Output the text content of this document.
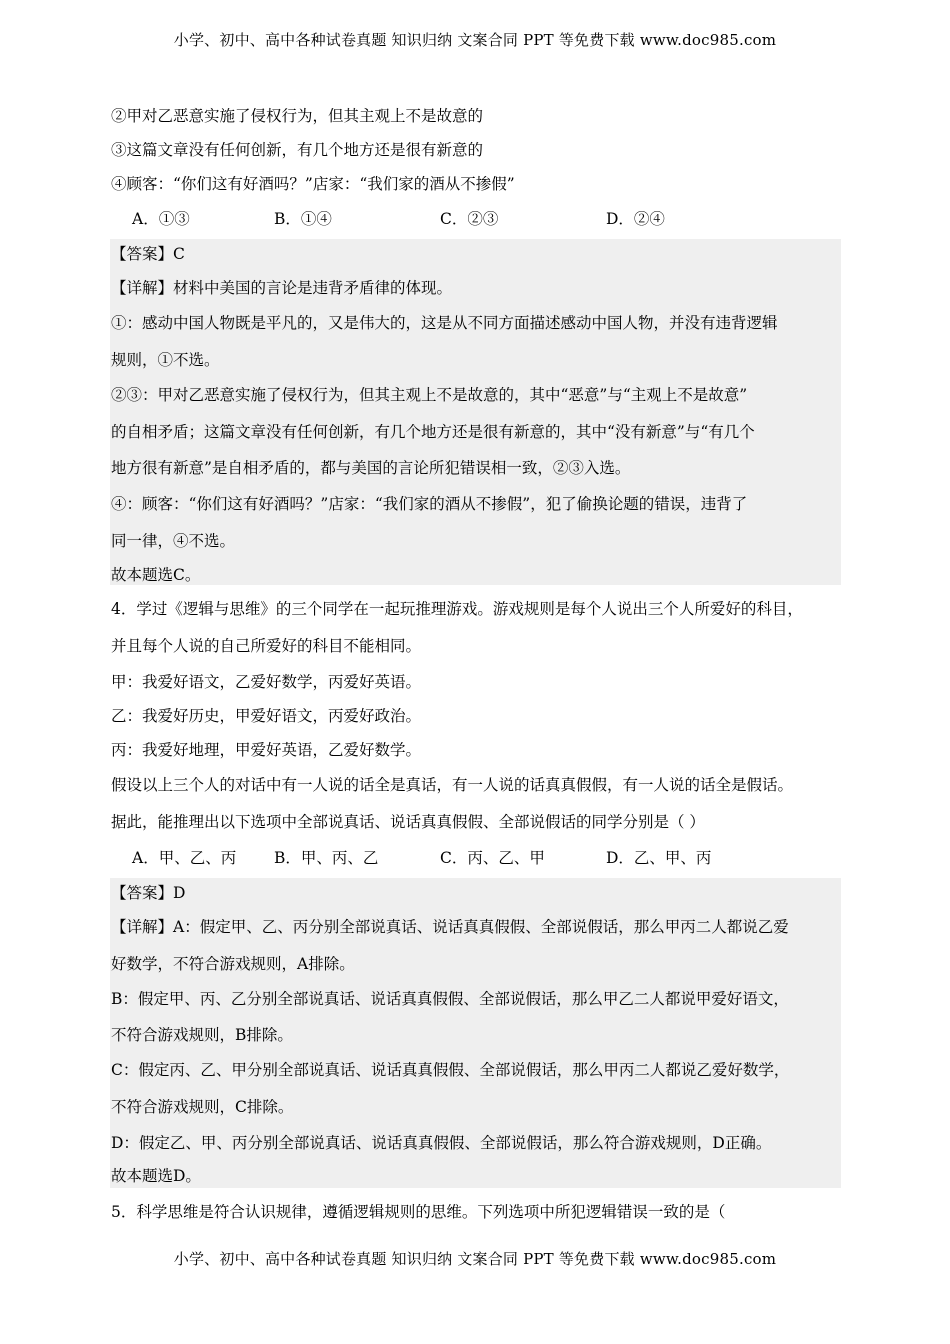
小学、初中、高中各种试卷真题 知识归纳 文案合同 PPT 等免费下载 www.doc985.com
②甲对乙恶意实施了侵权行为，但其主观上不是故意的
③这篇文章没有任何创新，有几个地方还是很有新意的
④顾客：“你们这有好酒吗？”店家：“我们家的酒从不掺假”
A．①③	B．①④	C．②③	D．②④
【答案】C
【详解】材料中美国的言论是违背矛盾律的体现。
①：感动中国人物既是平凡的，又是伟大的，这是从不同方面描述感动中国人物，并没有违背逻辑
规则，①不选。
②③：甲对乙恶意实施了侵权行为，但其主观上不是故意的，其中“恶意”与“主观上不是故意”
的自相矛盾；这篇文章没有任何创新，有几个地方还是很有新意的，其中“没有新意”与“有几个
地方很有新意”是自相矛盾的，都与美国的言论所犯错误相一致，②③入选。
④：顾客：“你们这有好酒吗？”店家：“我们家的酒从不掺假”，犯了偷换论题的错误，违背了
同一律，④不选。
故本题选C。
4．学过《逻辑与思维》的三个同学在一起玩推理游戏。游戏规则是每个人说出三个人所爱好的科目，
并且每个人说的自己所爱好的科目不能相同。
甲：我爱好语文，乙爱好数学，丙爱好英语。
乙：我爱好历史，甲爱好语文，丙爱好政治。
丙：我爱好地理，甲爱好英语，乙爱好数学。
假设以上三个人的对话中有一人说的话全是真话，有一人说的话真真假假，有一人说的话全是假话。
据此，能推理出以下选项中全部说真话、说话真真假假、全部说假话的同学分别是（ ）
A．甲、乙、丙 B．甲、丙、乙	C．丙、乙、甲	D．乙、甲、丙
【答案】D
【详解】A：假定甲、乙、丙分别全部说真话、说话真真假假、全部说假话，那么甲丙二人都说乙爱
好数学，不符合游戏规则，A排除。
B：假定甲、丙、乙分别全部说真话、说话真真假假、全部说假话，那么甲乙二人都说甲爱好语文，
不符合游戏规则，B排除。
C：假定丙、乙、甲分别全部说真话、说话真真假假、全部说假话，那么甲丙二人都说乙爱好数学，
不符合游戏规则，C排除。
D：假定乙、甲、丙分别全部说真话、说话真真假假、全部说假话，那么符合游戏规则，D正确。
故本题选D。
5．科学思维是符合认识规律，遵循逻辑规则的思维。下列选项中所犯逻辑错误一致的是（
小学、初中、高中各种试卷真题 知识归纳 文案合同 PPT 等免费下载 www.doc985.com
